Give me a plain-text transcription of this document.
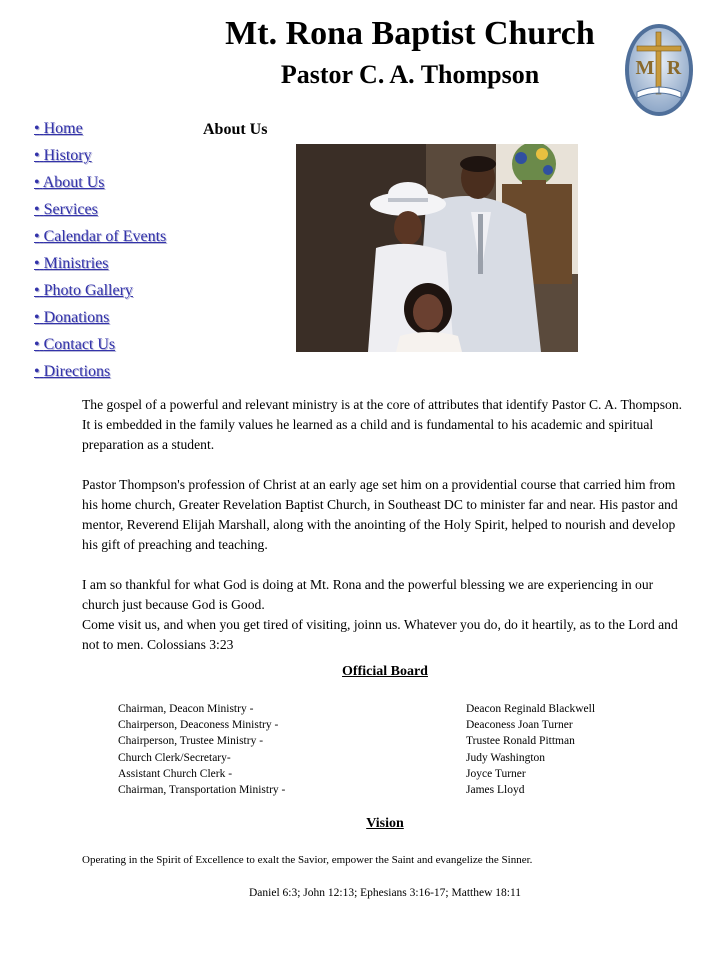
Mt. Rona Baptist Church
Pastor C. A. Thompson	M R
• Home
• History
• About Us
• Services
• Calendar of Events
• Ministries
• Photo Gallery
• Donations
• Contact Us
• Directions
About Us

The gospel of a powerful and relevant ministry is at the core of attributes that identify Pastor C. A. Thompson. It is embedded in the family values he learned as a child and is fundamental to his academic and spiritual preparation as a student.

Pastor Thompson's profession of Christ at an early age set him on a providential course that carried him from his home church, Greater Revelation Baptist Church, in Southeast DC to minister far and near. His pastor and mentor, Reverend Elijah Marshall, along with the anointing of the Holy Spirit, helped to nourish and develop his gift of preaching and teaching.

I am so thankful for what God is doing at Mt. Rona and the powerful blessing we are experiencing in our church just because God is Good.

Come visit us, and when you get tired of visiting, joinn us. Whatever you do, do it heartily, as to the Lord and not to men. Colossians 3:23

Official Board
Chairman, Deacon Ministry -	Deacon Reginald Blackwell
Chairperson, Deaconess Ministry -	Deaconess Joan Turner
Chairperson, Trustee Ministry -	Trustee Ronald Pittman
Church Clerk/Secretary-	Judy Washington
Assistant Church Clerk -	Joyce Turner
Chairman, Transportation Ministry -	James Lloyd
Vision
Operating in the Spirit of Excellence to exalt the Savior, empower the Saint and evangelize the Sinner.
Daniel 6:3; John 12:13; Ephesians 3:16-17; Matthew 18:11
